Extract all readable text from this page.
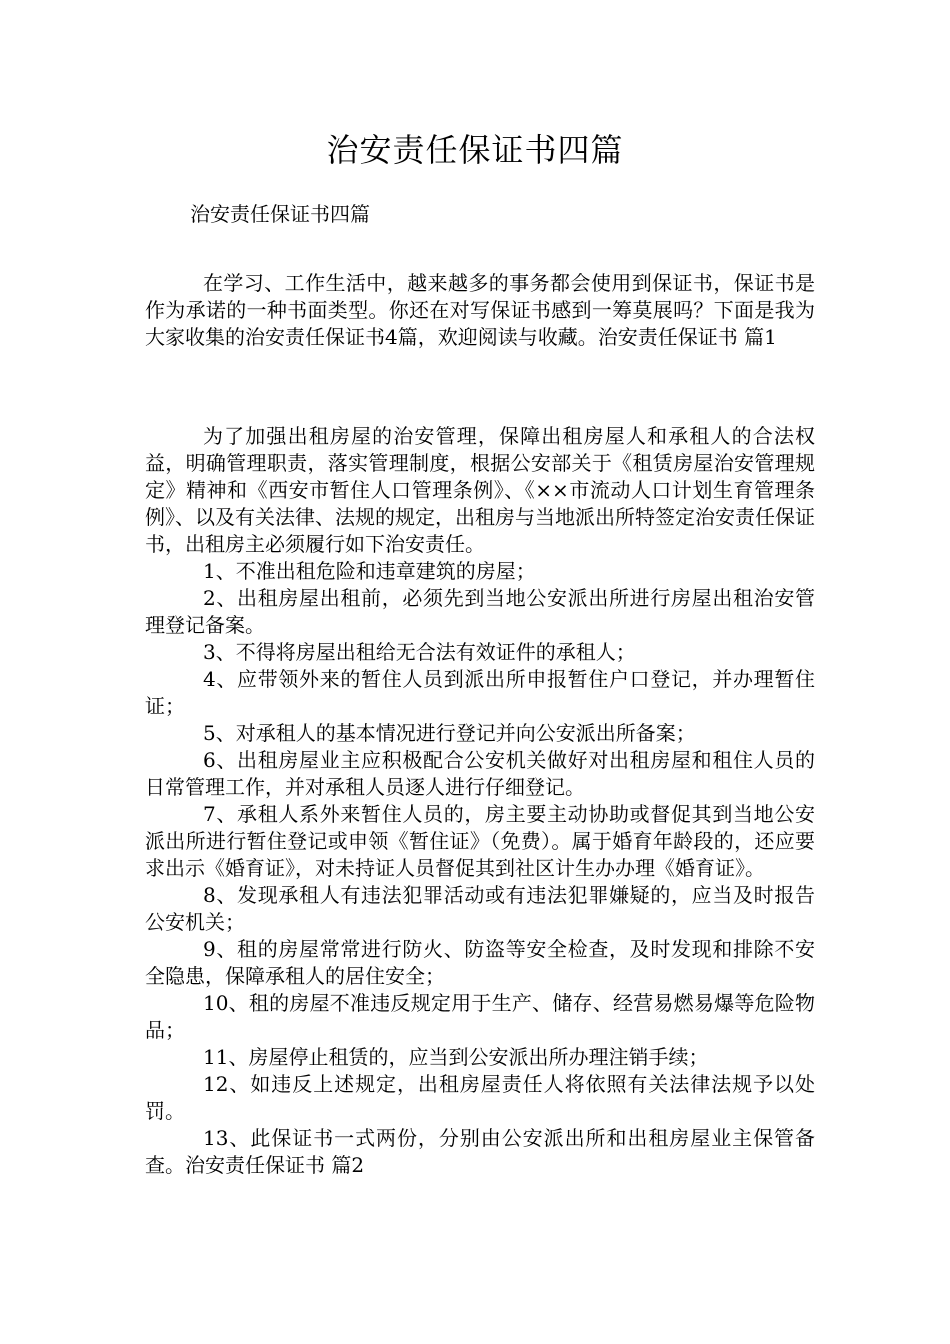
治安责任保证书四篇
治安责任保证书四篇

在学习、工作生活中，越来越多的事务都会使用到保证书，保证书是作为承诺的一种书面类型。你还在对写保证书感到一筹莫展吗？下面是我为大家收集的治安责任保证书4篇，欢迎阅读与收藏。治安责任保证书 篇1

为了加强出租房屋的治安管理，保障出租房屋人和承租人的合法权益，明确管理职责，落实管理制度，根据公安部关于《租赁房屋治安管理规定》精神和《西安市暂住人口管理条例》、《××市流动人口计划生育管理条例》、以及有关法律、法规的规定，出租房与当地派出所特签定治安责任保证书，出租房主必须履行如下治安责任。

1、不准出租危险和违章建筑的房屋；

2、出租房屋出租前，必须先到当地公安派出所进行房屋出租治安管理登记备案。

3、不得将房屋出租给无合法有效证件的承租人；

4、应带领外来的暂住人员到派出所申报暂住户口登记，并办理暂住证；

5、对承租人的基本情况进行登记并向公安派出所备案；

6、出租房屋业主应积极配合公安机关做好对出租房屋和租住人员的日常管理工作，并对承租人员逐人进行仔细登记。

7、承租人系外来暂住人员的，房主要主动协助或督促其到当地公安派出所进行暂住登记或申领《暂住证》（免费）。属于婚育年龄段的，还应要求出示《婚育证》，对未持证人员督促其到社区计生办办理《婚育证》。

8、发现承租人有违法犯罪活动或有违法犯罪嫌疑的，应当及时报告公安机关；

9、租的房屋常常进行防火、防盗等安全检查，及时发现和排除不安全隐患，保障承租人的居住安全；

10、租的房屋不准违反规定用于生产、储存、经营易燃易爆等危险物品；

11、房屋停止租赁的，应当到公安派出所办理注销手续；

12、如违反上述规定，出租房屋责任人将依照有关法律法规予以处罚。

13、此保证书一式两份，分别由公安派出所和出租房屋业主保管备查。治安责任保证书 篇2
